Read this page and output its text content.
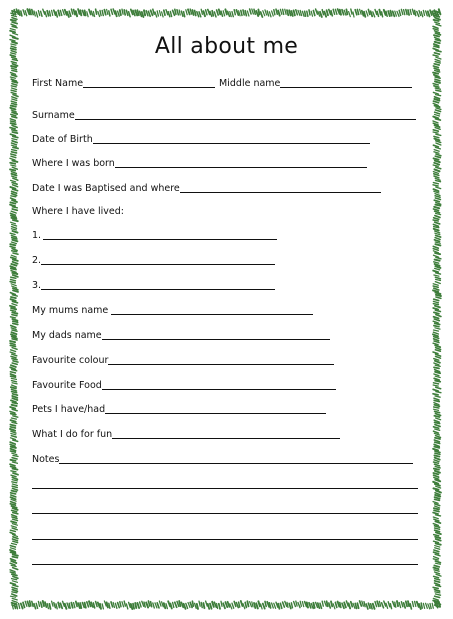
All about me
First Name	Middle name
Surname
Date of Birth
Where I was born
Date I was Baptised and where
Where I have lived:
1.
2.
3.
My mums name
My dads name
Favourite colour
Favourite Food
Pets I have/had
What I do for fun
Notes
